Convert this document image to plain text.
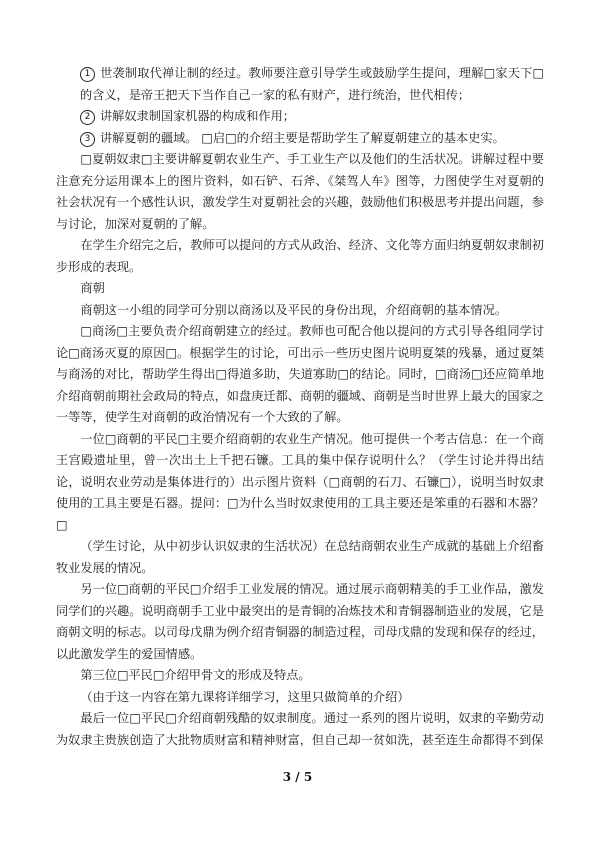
1 世袭制取代禅让制的经过。教师要注意引导学生或鼓励学生提问，理解□家天下□的含义，是帝王把天下当作自己一家的私有财产，进行统治，世代相传；

2 讲解奴隶制国家机器的构成和作用；

3 讲解夏朝的疆域。 □启□的介绍主要是帮助学生了解夏朝建立的基本史实。

□夏朝奴隶□主要讲解夏朝农业生产、手工业生产以及他们的生活状况。讲解过程中要注意充分运用课本上的图片资料，如石铲、石斧、《桀驾人车》图等，力图使学生对夏朝的社会状况有一个感性认识，激发学生对夏朝社会的兴趣，鼓励他们积极思考并提出问题，参与讨论，加深对夏朝的了解。

在学生介绍完之后，教师可以提问的方式从政治、经济、文化等方面归纳夏朝奴隶制初步形成的表现。

商朝

商朝这一小组的同学可分别以商汤以及平民的身份出现，介绍商朝的基本情况。

□商汤□主要负责介绍商朝建立的经过。教师也可配合他以提问的方式引导各组同学讨论□商汤灭夏的原因□。根据学生的讨论，可出示一些历史图片说明夏桀的残暴，通过夏桀与商汤的对比，帮助学生得出□得道多助，失道寡助□的结论。同时，□商汤□还应简单地介绍商朝前期社会政局的特点，如盘庚迁都、商朝的疆域、商朝是当时世界上最大的国家之一等等，使学生对商朝的政治情况有一个大致的了解。

一位□商朝的平民□主要介绍商朝的农业生产情况。他可提供一个考古信息：在一个商王宫殿遗址里，曾一次出土上千把石镰。工具的集中保存说明什么？（学生讨论并得出结论，说明农业劳动是集体进行的）出示图片资料（□商朝的石刀、石镰□），说明当时奴隶使用的工具主要是石器。提问：□为什么当时奴隶使用的工具主要还是笨重的石器和木器？□

（学生讨论，从中初步认识奴隶的生活状况）在总结商朝农业生产成就的基础上介绍畜牧业发展的情况。

另一位□商朝的平民□介绍手工业发展的情况。通过展示商朝精美的手工业作品，激发同学们的兴趣。说明商朝手工业中最突出的是青铜的冶炼技术和青铜器制造业的发展，它是商朝文明的标志。以司母戊鼎为例介绍青铜器的制造过程，司母戊鼎的发现和保存的经过，以此激发学生的爱国情感。

第三位□平民□介绍甲骨文的形成及特点。

（由于这一内容在第九课将详细学习，这里只做简单的介绍）

最后一位□平民□介绍商朝残酷的奴隶制度。通过一系列的图片说明，奴隶的辛勤劳动为奴隶主贵族创造了大批物质财富和精神财富，但自己却一贫如洗，甚至连生命都得不到保

3 / 5
